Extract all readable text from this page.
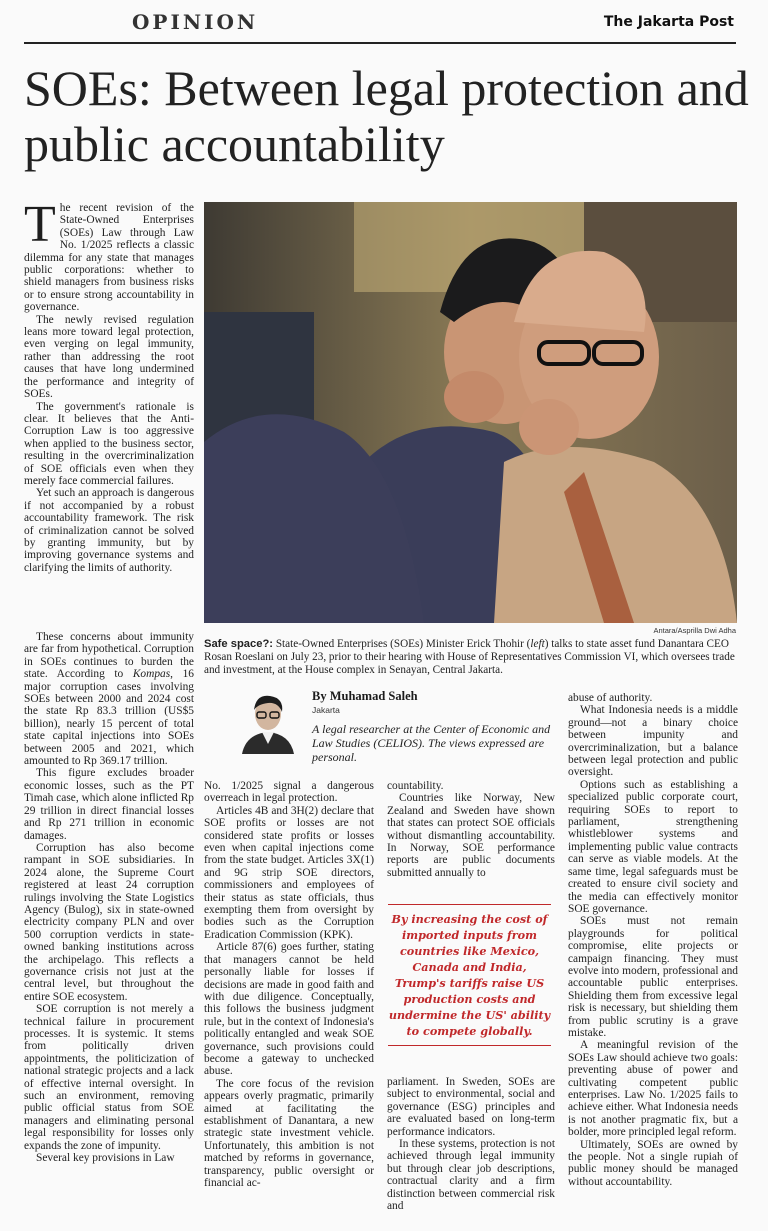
OPINION	The Jakarta Post
SOEs: Between legal protection and public accountability

The recent revision of the State-Owned Enterprises (SOEs) Law through Law No. 1/2025 reflects a classic dilemma for any state that manages public corporations: whether to shield managers from business risks or to ensure strong accountability in governance.

The newly revised regulation leans more toward legal protection, even verging on legal immunity, rather than addressing the root causes that have long undermined the performance and integrity of SOEs.

The government's rationale is clear. It believes that the Anti-Corruption Law is too aggressive when applied to the business sector, resulting in the overcriminalization of SOE officials even when they merely face commercial failures.

Yet such an approach is dangerous if not accompanied by a robust accountability framework. The risk of criminalization cannot be solved by granting immunity, but by improving governance systems and clarifying the limits of authority.

These concerns about immunity are far from hypothetical. Corruption in SOEs continues to burden the state. According to Kompas, 16 major corruption cases involving SOEs between 2000 and 2024 cost the state Rp 83.3 trillion (US$5 billion), nearly 15 percent of total state capital injections into SOEs between 2005 and 2021, which amounted to Rp 369.17 trillion.

This figure excludes broader economic losses, such as the PT Timah case, which alone inflicted Rp 29 trillion in direct financial losses and Rp 271 trillion in economic damages.

Corruption has also become rampant in SOE subsidiaries. In 2024 alone, the Supreme Court registered at least 24 corruption rulings involving the State Logistics Agency (Bulog), six in state-owned electricity company PLN and over 500 corruption verdicts in state-owned banking institutions across the archipelago. This reflects a governance crisis not just at the central level, but throughout the entire SOE ecosystem.

SOE corruption is not merely a technical failure in procurement processes. It is systemic. It stems from politically driven appointments, the politicization of national strategic projects and a lack of effective internal oversight. In such an environment, removing public official status from SOE managers and eliminating personal legal responsibility for losses only expands the zone of impunity.

Several key provisions in Law

Antara/Asprilla Dwi Adha
Safe space?: State-Owned Enterprises (SOEs) Minister Erick Thohir (left) talks to state asset fund Danantara CEO Rosan Roeslani on July 23, prior to their hearing with House of Representatives Commission VI, which oversees trade and investment, at the House complex in Senayan, Central Jakarta.
By Muhamad Saleh
Jakarta
A legal researcher at the Center of Economic and Law Studies (CELIOS). The views expressed are personal.

No. 1/2025 signal a dangerous overreach in legal protection.

Articles 4B and 3H(2) declare that SOE profits or losses are not considered state profits or losses even when capital injections come from the state budget. Articles 3X(1) and 9G strip SOE directors, commissioners and employees of their status as state officials, thus exempting them from oversight by bodies such as the Corruption Eradication Commission (KPK).

Article 87(6) goes further, stating that managers cannot be held personally liable for losses if decisions are made in good faith and with due diligence. Conceptually, this follows the business judgment rule, but in the context of Indonesia's politically entangled and weak SOE governance, such provisions could become a gateway to unchecked abuse.

The core focus of the revision appears overly pragmatic, primarily aimed at facilitating the establishment of Danantara, a new strategic state investment vehicle. Unfortunately, this ambition is not matched by reforms in governance, transparency, public oversight or financial ac-

countability.

Countries like Norway, New Zealand and Sweden have shown that states can protect SOE officials without dismantling accountability. In Norway, SOE performance reports are public documents submitted annually to

By increasing the cost of imported inputs from countries like Mexico, Canada and India, Trump's tariffs raise US production costs and undermine the US' ability to compete globally.

parliament. In Sweden, SOEs are subject to environmental, social and governance (ESG) principles and are evaluated based on long-term performance indicators.

In these systems, protection is not achieved through legal immunity but through clear job descriptions, contractual clarity and a firm distinction between commercial risk and

abuse of authority.

What Indonesia needs is a middle ground—not a binary choice between impunity and overcriminalization, but a balance between legal protection and public oversight.

Options such as establishing a specialized public corporate court, requiring SOEs to report to parliament, strengthening whistleblower systems and implementing public value contracts can serve as viable models. At the same time, legal safeguards must be created to ensure civil society and the media can effectively monitor SOE governance.

SOEs must not remain playgrounds for political compromise, elite projects or campaign financing. They must evolve into modern, professional and accountable public enterprises. Shielding them from excessive legal risk is necessary, but shielding them from public scrutiny is a grave mistake.

A meaningful revision of the SOEs Law should achieve two goals: preventing abuse of power and cultivating competent public enterprises. Law No. 1/2025 fails to achieve either. What Indonesia needs is not another pragmatic fix, but a bolder, more principled legal reform.

Ultimately, SOEs are owned by the people. Not a single rupiah of public money should be managed without accountability.
